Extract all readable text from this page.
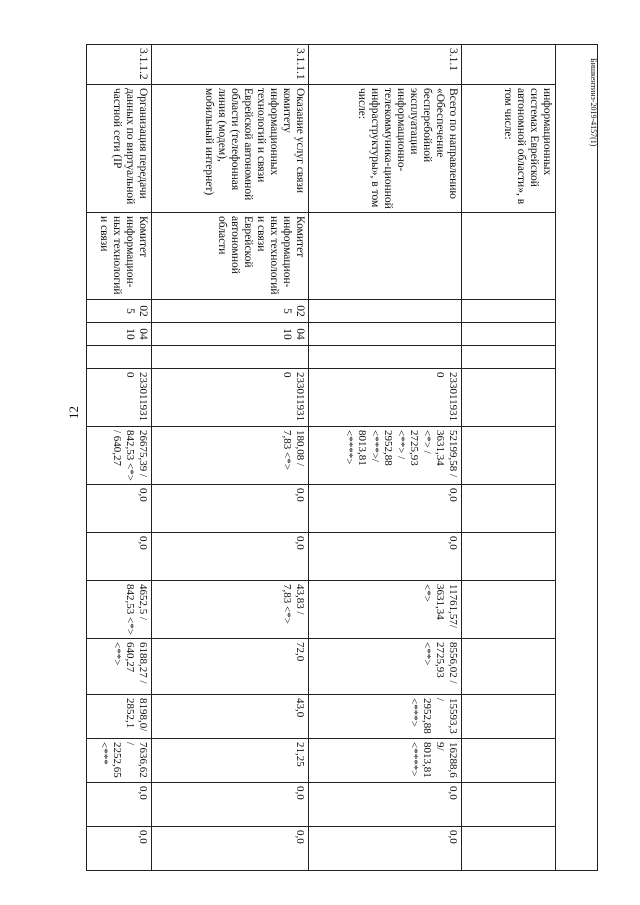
12
Бишкентинз-2019-4157(1)

	информационных системах Еврейской автономной области», в том числе:														
3.1.1	Всего по направлению «Обеспечение бесперебойной эксплуатации информационно-телекоммуника-ционной инфраструктуры», в том числе:					2330119310	52199,58 / 3631,34 <*> / 2725,93 <**> / 2952,88 <***>/ 8013,81 <****>	0,0	0,0	11761,57/ 3631,34 <*>	8556,02 / 2725,93 <**>	15593,3/ 2952,88 <***>	16288,69/ 8013,81 <****>	0,0	0,0
3.1.1.1	Оказание услуг связи комитету информационных технологий и связи Еврейской автономной области (телефонная линия (модем), мобильный интернет)	Комитет информацион-ных технологий и связи Еврейской автономной области	025	0410		2330119310	180,08 / 7,83 <*>	0,0	0,0	43,83 / 7,83 <*>	72,0	43,0	21,25	0,0	0,0
3.1.1.2	Организация передачи данных по виртуальной частной сети (IP	Комитет информацион-ных технологий и связи	025	0410		2330119310	26675,39 / 842,53 <*> / 640,27	0,0	0,0	4652,5 / 842,53 <*>	6188,27 / 640,27 <**>	8198,0/ 2852,1	7636,62/ 2252,65<***	0,0	0,0
